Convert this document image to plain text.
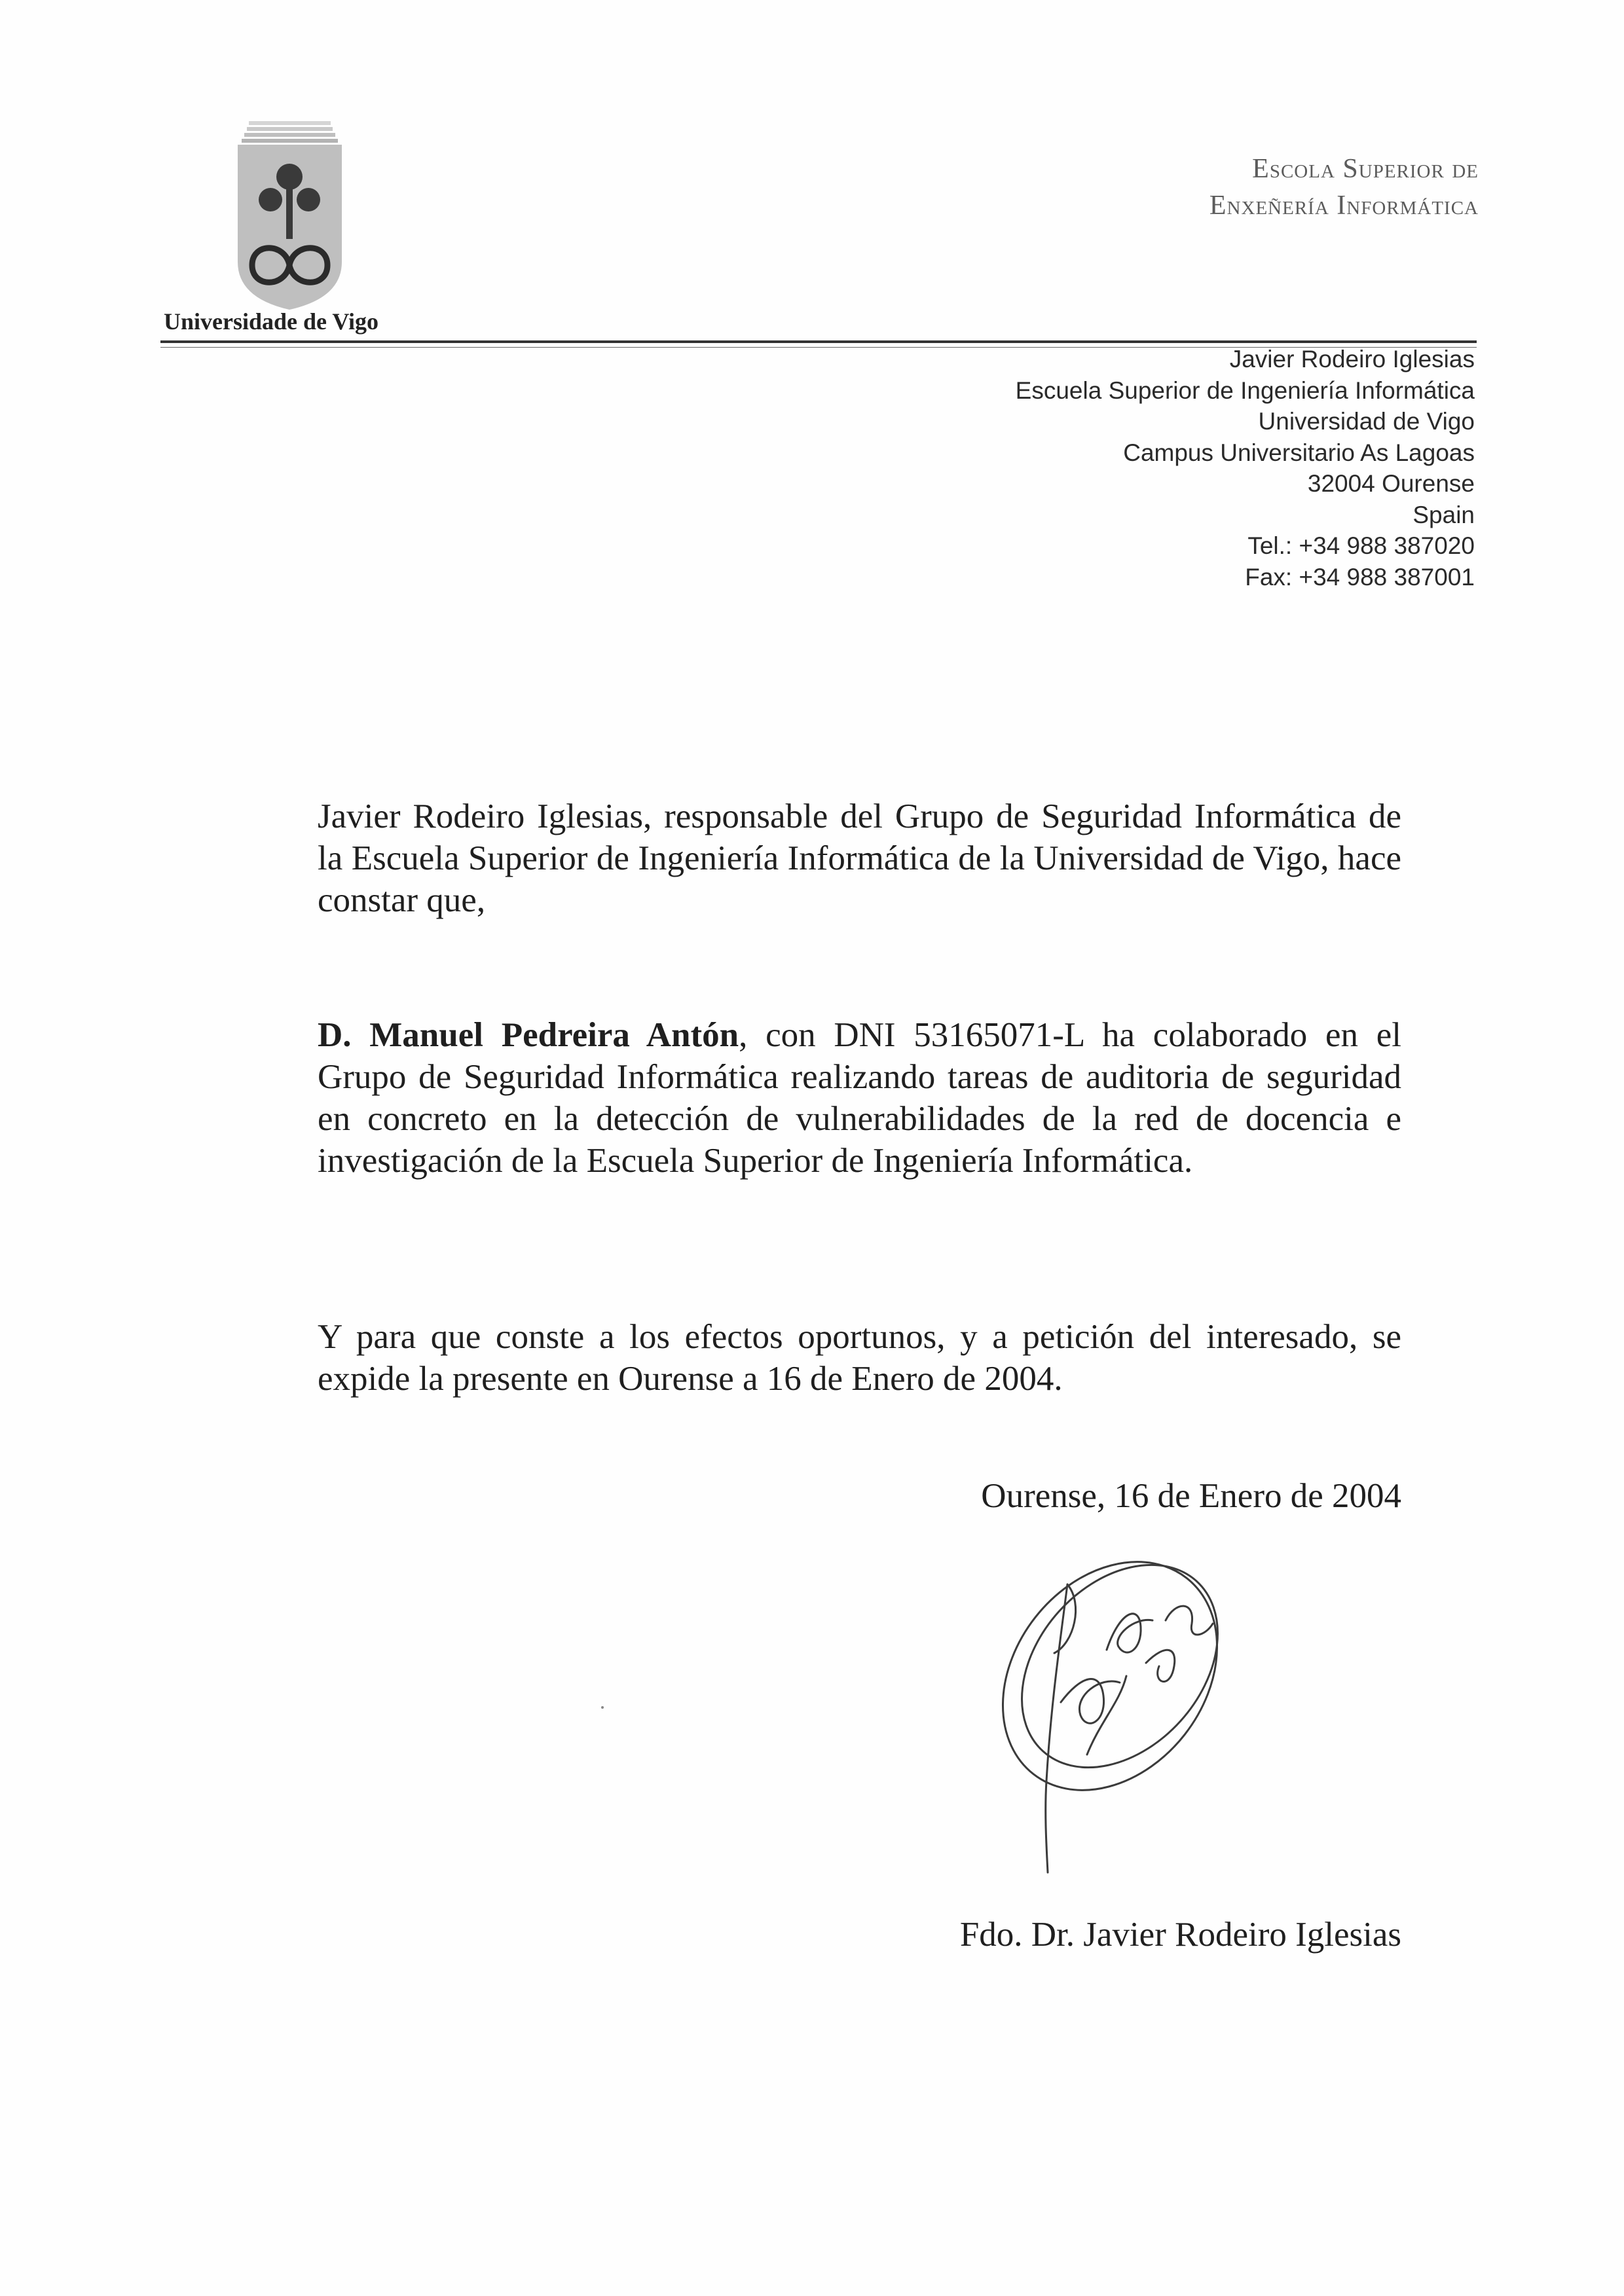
Universidade de Vigo
Escola Superior de
Enxeñería Informática
Javier Rodeiro Iglesias
Escuela Superior de Ingeniería Informática
Universidad de Vigo
Campus Universitario As Lagoas
32004 Ourense
Spain
Tel.: +34 988 387020
Fax: +34 988 387001
Javier Rodeiro Iglesias, responsable del Grupo de Seguridad Informática de la Escuela Superior de Ingeniería Informática de la Universidad de Vigo, hace constar que,
D. Manuel Pedreira Antón, con DNI 53165071-L ha colaborado en el Grupo de Seguridad Informática realizando tareas de auditoria de seguridad en concreto en la detección de vulnerabilidades de la red de docencia e investigación de la Escuela Superior de Ingeniería Informática.
Y para que conste a los efectos oportunos, y a petición del interesado, se expide la presente en Ourense a 16 de Enero de 2004.
Ourense, 16 de Enero de 2004
Fdo. Dr. Javier Rodeiro Iglesias
